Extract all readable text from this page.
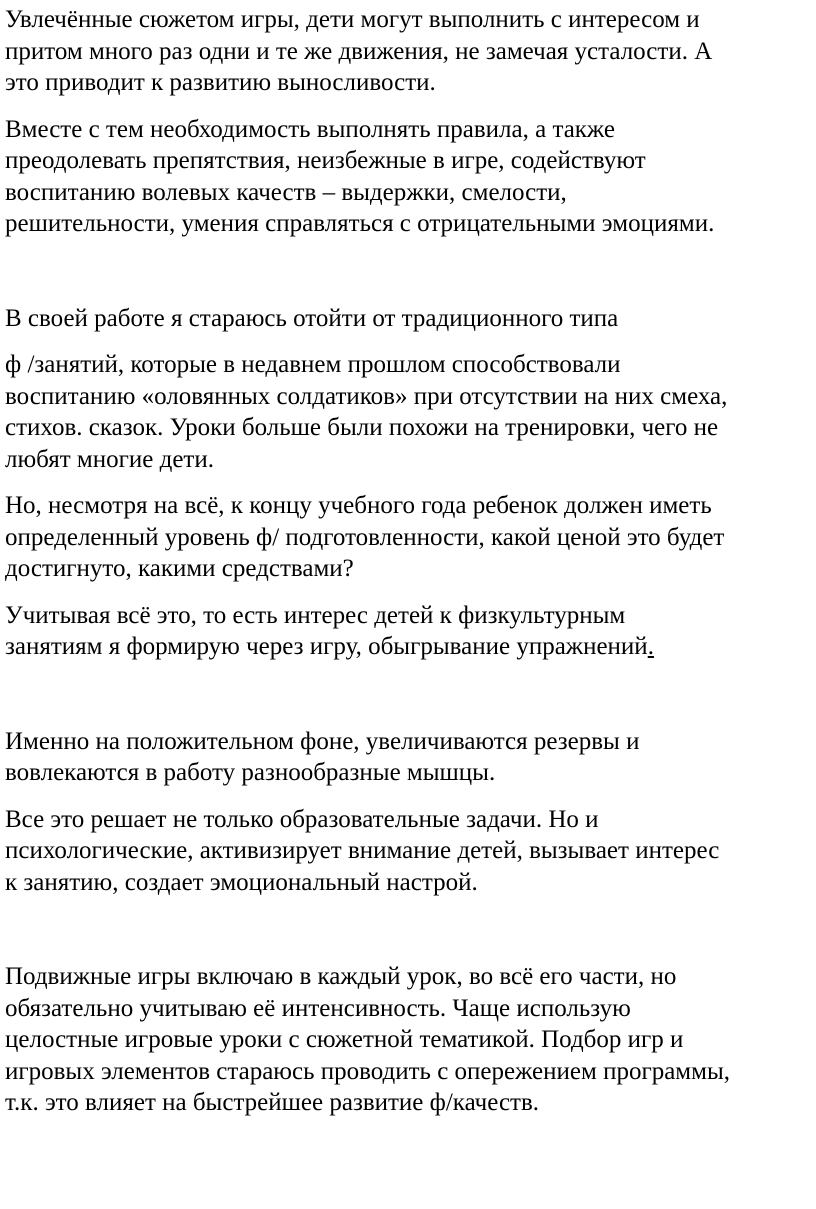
Увлечённые сюжетом игры, дети могут выполнить с интересом и
притом много раз одни и те же движения, не замечая усталости. А
это приводит к развитию выносливости.

Вместе с тем необходимость выполнять правила, а также
преодолевать препятствия, неизбежные в игре, содействуют
воспитанию волевых качеств – выдержки, смелости,
решительности, умения справляться с отрицательными эмоциями.

В своей работе я стараюсь отойти от традиционного типа

ф /занятий, которые в недавнем прошлом способствовали
воспитанию «оловянных солдатиков» при отсутствии на них смеха,
стихов. сказок. Уроки больше были похожи на тренировки, чего не
любят многие дети.

Но, несмотря на всё, к концу учебного года ребенок должен иметь
определенный уровень ф/ подготовленности, какой ценой это будет
достигнуто, какими средствами?

Учитывая всё это, то есть интерес детей к физкультурным
занятиям я формирую через игру, обыгрывание упражнений.

Именно на положительном фоне, увеличиваются резервы и
вовлекаются в работу разнообразные мышцы.

Все это решает не только образовательные задачи. Но и
психологические, активизирует внимание детей, вызывает интерес
к занятию, создает эмоциональный настрой.

Подвижные игры включаю в каждый урок, во всё его части, но
обязательно учитываю её интенсивность. Чаще использую
целостные игровые уроки с сюжетной тематикой. Подбор игр и
игровых элементов стараюсь проводить с опережением программы,
т.к. это влияет на быстрейшее развитие ф/качеств.
